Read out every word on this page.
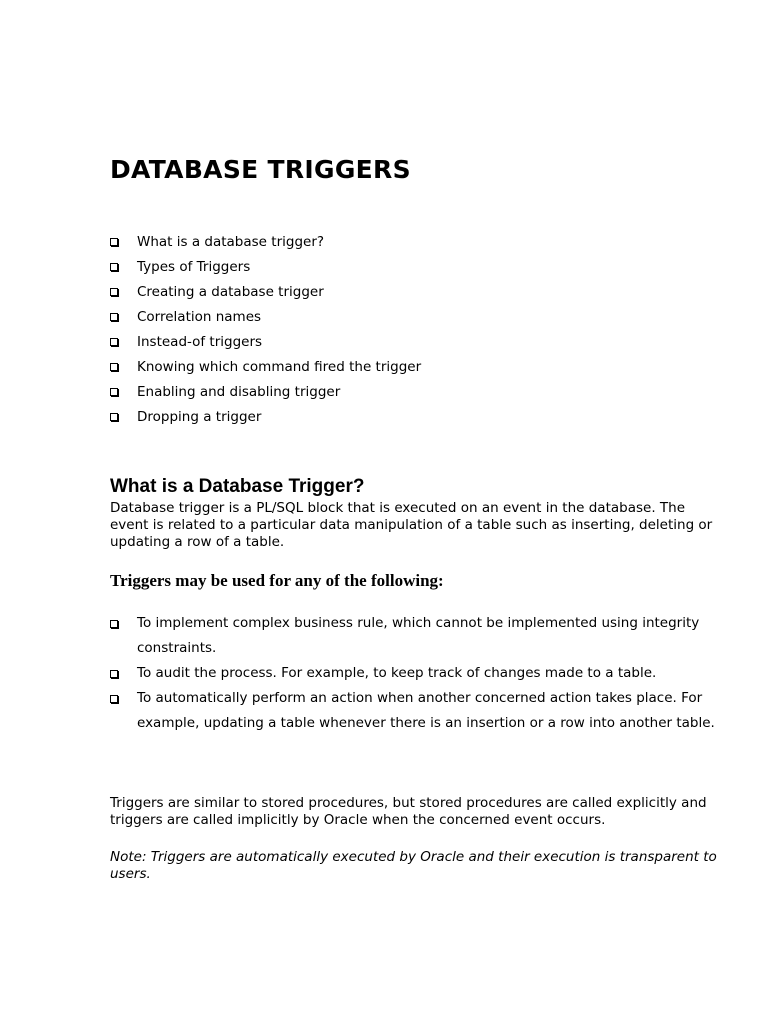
DATABASE TRIGGERS
What is a database trigger?
Types of Triggers
Creating a database trigger
Correlation names
Instead-of triggers
Knowing which command fired the trigger
Enabling and disabling trigger
Dropping a trigger
What is a Database Trigger?

Database trigger is a PL/SQL block that is executed on an event in the database. The event is related to a particular data manipulation of a table such as inserting, deleting or updating a row of a table.

Triggers may be used for any of the following:
To implement complex business rule, which cannot be implemented using integrity constraints.
To audit the process. For example, to keep track of changes made to a table.
To automatically perform an action when another concerned action takes place. For example, updating a table whenever there is an insertion or a row into another table.

Triggers are similar to stored procedures, but stored procedures are called explicitly and triggers are called implicitly by Oracle when the concerned event occurs.

Note: Triggers are automatically executed by Oracle and their execution is transparent to users.
